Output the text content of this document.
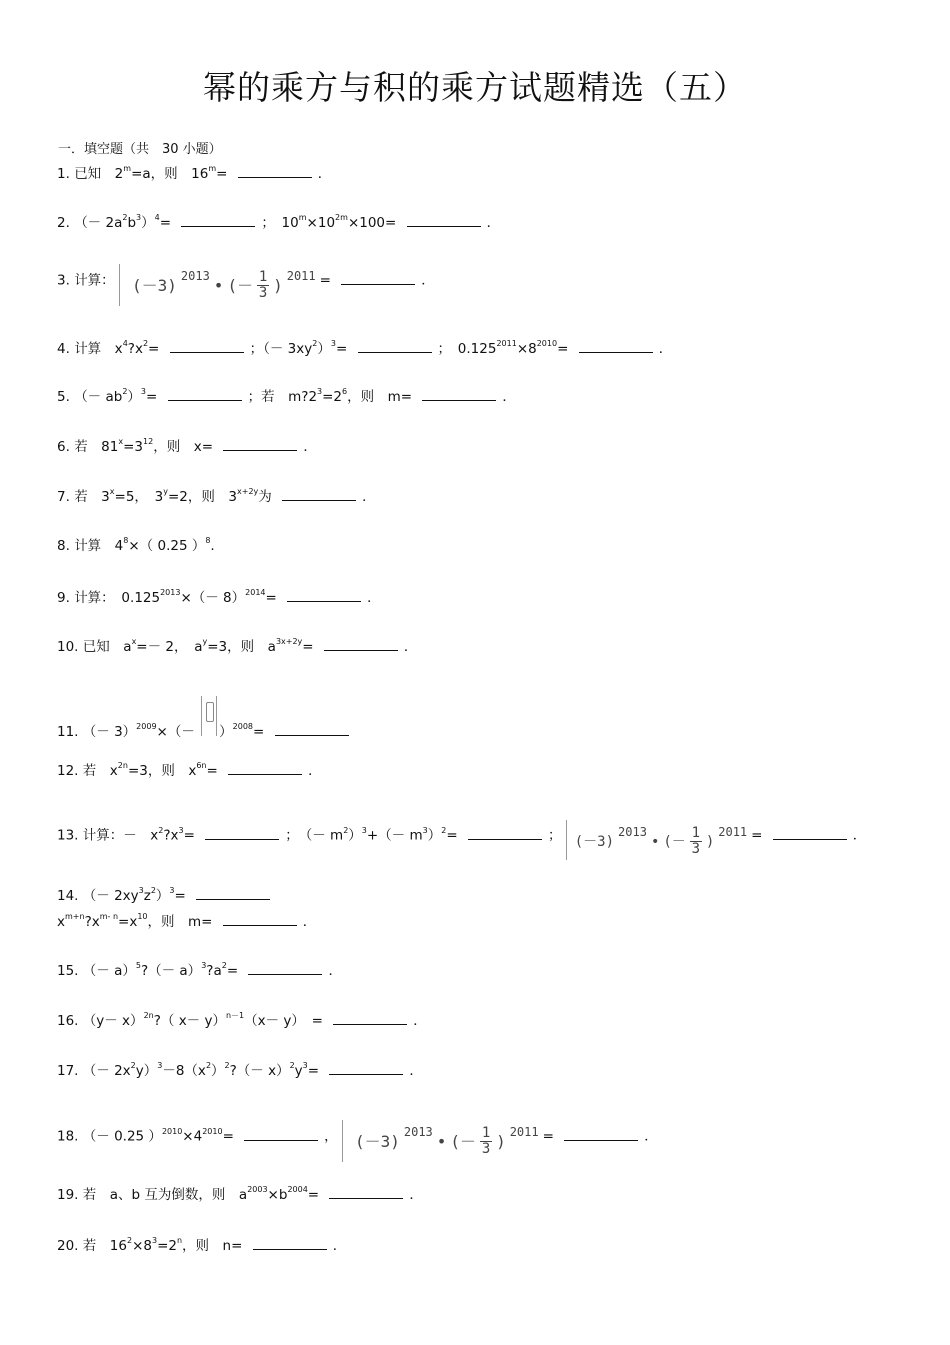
幂的乘方与积的乘方试题精选（五）
一．填空题（共　30 小题）
1. 已知　$2^m=a$，则　$16^m=$	．
2. （－ $2a^2b^3)^4=$	；　$10^m\times 10^{2m}\times 100=$	．
3. 计算： (－3) $^{2013}$ • (－ $\frac{1}{3}$ ) $^{2011}$ =	．
4. 计算　$x^4?x^2=$	；（－ $3xy^2)^3=$	；　$0.125^{2011}\times 8^{2010}=$	．
5. （－ $ab^2)^3=$	；若　$m?2^3=2^6$，则　m=	．
6. 若　$81^x=3^{12}$，则　x=	．
7. 若　$3^x=5$，　$3^y=2$，则　$3^{x+2y}$为	．
8. 计算　$4^8\times$（ 0.25 ）$^8$.
9. 计算：　$0.125^{2013}\times(- 8)^{2014}=$	．
10. 已知　$a^x=- 2$，　$a^y=3$，则　$a^{3x+2y}=$	．
11. （－ $3)^{2009}\times(- )^{2008}=$
12. 若　$x^{2n}=3$，则　$x^{6n}=$	．
13. 计算：－　$x^2?x^3=$	；　（－ $m^2)^3+(- m^3)^2=$	； (－3)
$^{2013}$
• (－ $\frac{1}{3}$ )
$^{2011}$ =	．
14. （－ $2xy^3z^2)^3=$
$x^{m+n}?x^{m- n}=x^{10}$，则　m=	．
15. （－ a）$^5$?（－ $a)^3?a^2=$	．
16. $(y- x)^{2n}$?（ x－ y）$^{n-1}$（x－ y）　=	．
17. （－ $2x^2y)^3-8(x^2)^2?(- x)^2y^3=$	．
18. （－ 0.25 ）$^{2010}\times 4^{2010}=$	， (－3) $^{2013}$ • (－ $\frac{1}{3}$ ) $^{2011}$ =	．
19. 若　a、b 互为倒数，则　$a^{2003}\times b^{2004}=$	．
20. 若　$16^2\times 8^3=2^n$，则　n=	．
